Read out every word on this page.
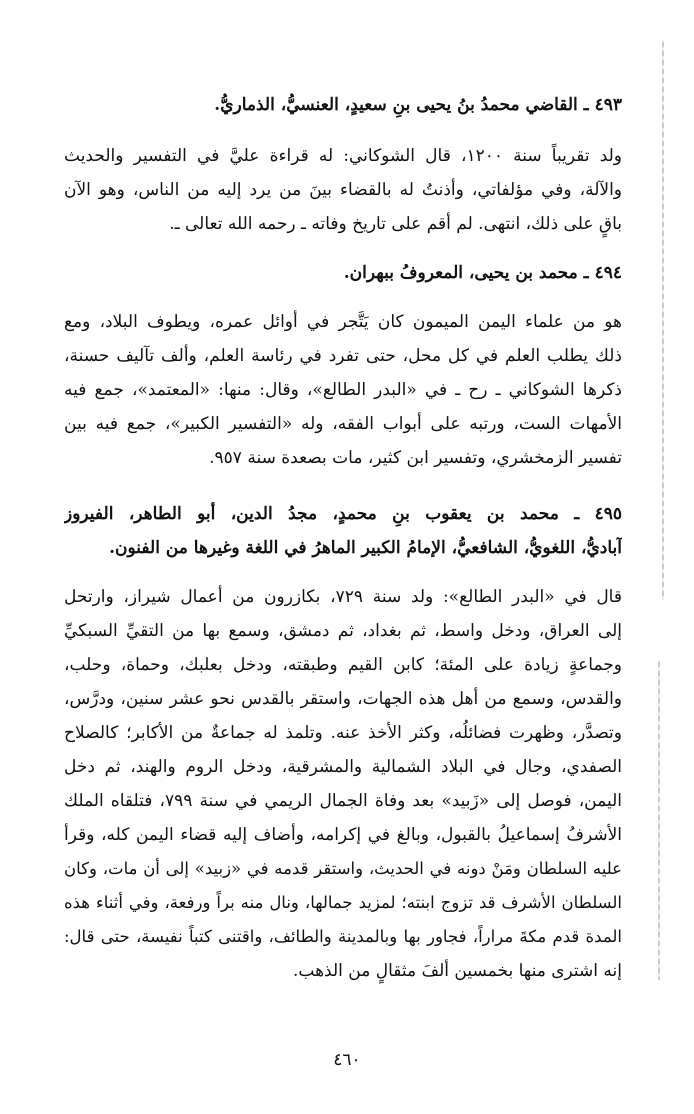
٤٩٣ ـ القاضي محمدُ بنُ يحيى بنِ سعيدٍ، العنسيُّ، الذماريُّ.
ولد تقريباً سنة ١٢٠٠، قال الشوكاني: له قراءة عليَّ في التفسير والحديث
والآلة، وفي مؤلفاتي، وأذنتُ له بالقضاء بينَ من يرد إليه من الناس، وهو الآن
باقٍ على ذلك، انتهى. لم أقم على تاريخ وفاته ـ رحمه الله تعالى ـ.
٤٩٤ ـ محمد بن يحيى، المعروفُ ببهران.
هو من علماء اليمن الميمون كان يَتَّجر في أوائل عمره، ويطوف البلاد، ومع
ذلك يطلب العلم في كل محل، حتى تفرد في رئاسة العلم، وألف تآليف حسنة،
ذكرها الشوكاني ـ رح ـ في «البدر الطالع»، وقال: منها: «المعتمد»، جمع فيه
الأمهات الست، ورتبه على أبواب الفقه، وله «التفسير الكبير»، جمع فيه بين
تفسير الزمخشري، وتفسير ابن كثير، مات بصعدة سنة ٩٥٧.
٤٩٥ ـ محمد بن يعقوب بنِ محمدٍ، مجدُ الدين، أبو الطاهر، الفيروز
آباديُّ، اللغويُّ، الشافعيُّ، الإمامُ الكبير الماهرُ في اللغة وغيرها من الفنون.
قال في «البدر الطالع»: ولد سنة ٧٢٩، بكازرون من أعمال شيراز، وارتحل
إلى العراق، ودخل واسط، ثم بغداد، ثم دمشق، وسمع بها من التقيِّ السبكيِّ
وجماعةٍ زيادة على المئة؛ كابن القيم وطبقته، ودخل بعلبك، وحماة، وحلب،
والقدس، وسمع من أهل هذه الجهات، واستقر بالقدس نحو عشر سنين، ودرَّس،
وتصدَّر، وظهرت فضائلُه، وكثر الأخذ عنه. وتلمذ له جماعةٌ من الأكابر؛ كالصلاح
الصفدي، وجال في البلاد الشمالية والمشرقية، ودخل الروم والهند، ثم دخل
اليمن، فوصل إلى «زَبيد» بعد وفاة الجمال الريمي في سنة ٧٩٩، فتلقاه الملك
الأشرفُ إسماعيلُ بالقبول، وبالغ في إكرامه، وأضاف إليه قضاء اليمن كله، وقرأ
عليه السلطان ومَنْ دونه في الحديث، واستقر قدمه في «زبيد» إلى أن مات، وكان
السلطان الأشرف قد تزوج ابنته؛ لمزيد جمالها، ونال منه براً ورفعة، وفي أثناء هذه
المدة قدم مكةَ مراراً، فجاور بها وبالمدينة والطائف، واقتنى كتباً نفيسة، حتى قال:
إنه اشترى منها بخمسين ألفَ مثقالٍ من الذهب.
٤٦٠
